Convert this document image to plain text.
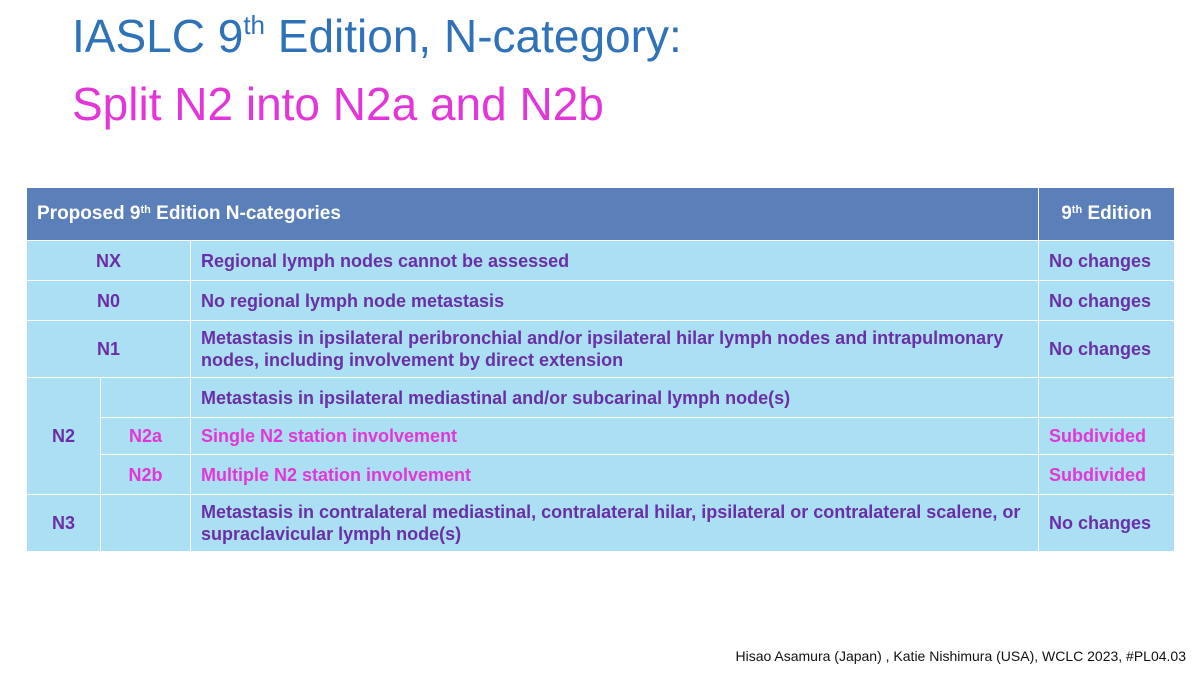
IASLC 9th Edition, N-category:
Split N2 into N2a and N2b
Proposed 9th Edition N-categories			9th Edition
NX		Regional lymph nodes cannot be assessed	No changes
N0		No regional lymph node metastasis	No changes
N1		Metastasis in ipsilateral peribronchial and/or ipsilateral hilar lymph nodes and intrapulmonary nodes, including involvement by direct extension	No changes
N2		Metastasis in ipsilateral mediastinal and/or subcarinal lymph node(s)	
	N2a	Single N2 station involvement	Subdivided
	N2b	Multiple N2 station involvement	Subdivided
N3		Metastasis in contralateral mediastinal, contralateral hilar, ipsilateral or contralateral scalene, or supraclavicular lymph node(s)	No changes
Hisao Asamura (Japan) , Katie Nishimura (USA), WCLC 2023, #PL04.03
